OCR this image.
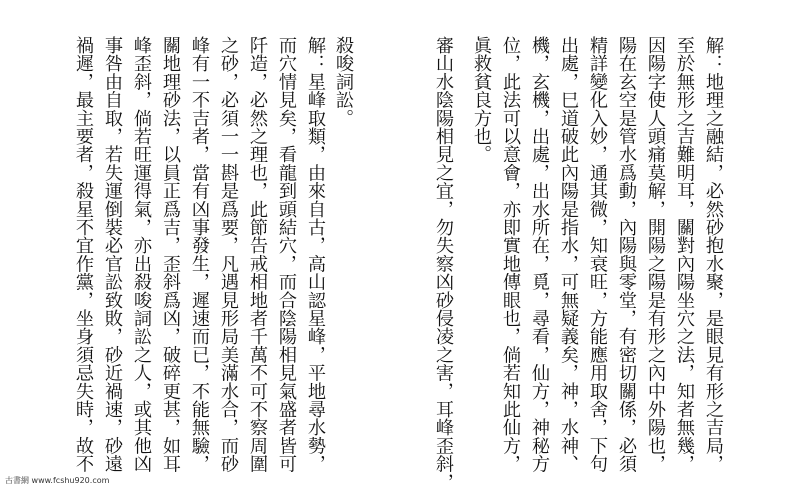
解：地理之融結，必然砂抱水聚，是眼見有形之吉局，
至於無形之吉難明耳，關對內陽坐穴之法，知者無幾，
因陽字使人頭痛莫解，開陽之陽是有形之內中外陽也，
陽在玄空是管水爲動，內陽與零堂，有密切關係，必須
精詳變化入妙，通其微，知衰旺，方能應用取舍，下句
出處，巳道破此內陽是指水，可無疑義矣，神，水神、
機，玄機，出處，出水所在，覓，尋看，仙方，神秘方
位，此法可以意會，亦即實地傳眼也，倘若知此仙方，
眞救貧良方也。
審山水陰陽相見之宜，勿失察凶砂侵凌之害，耳峰歪斜，
殺唆詞訟。
解：星峰取類，由來自古，高山認星峰，平地尋水勢，
而穴情見矣，看龍到頭結穴，而合陰陽相見氣盛者皆可
阡造，必然之理也，此節告戒相地者千萬不可不察周圍
之砂，必須一一斟是爲要，凡遇見形局美滿水合，而砂
峰有一不吉者，當有凶事發生，遲速而已，不能無驗，
關地理砂法，以員正爲吉，歪斜爲凶，破碎更甚，如耳
峰歪斜，倘若旺運得氣，亦出殺唆詞訟之人，或其他凶
事咎由自取，若失運倒裝必官訟致敗，砂近禍速，砂遠
禍遲，最主要者，殺星不宜作黨，坐身須忌失時，故不
古書網 www.fcshu920.com
